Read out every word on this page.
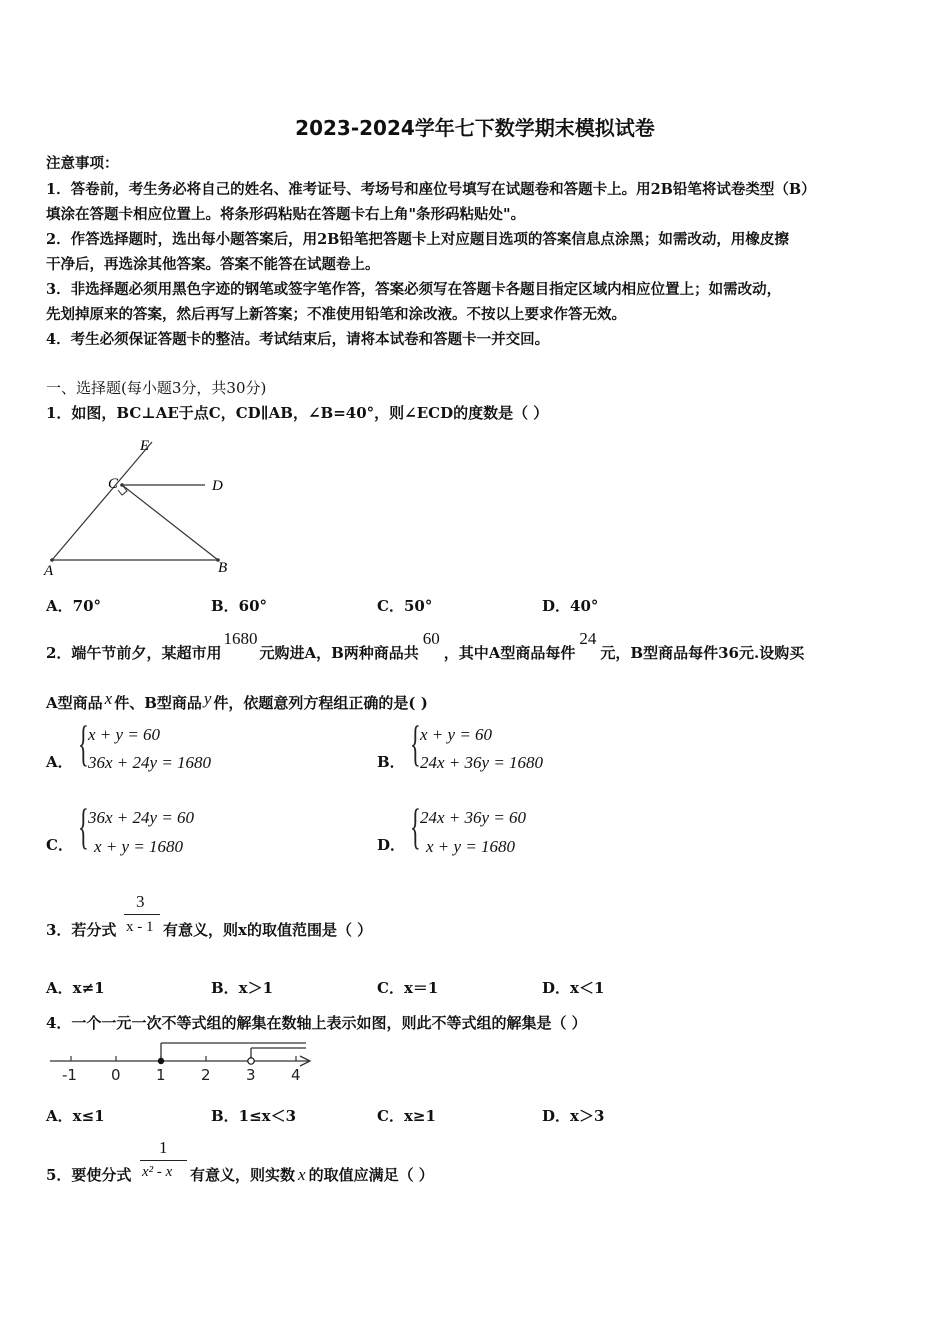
2023-2024学年七下数学期末模拟试卷
注意事项：
1．答卷前，考生务必将自己的姓名、准考证号、考场号和座位号填写在试题卷和答题卡上。用2B铅笔将试卷类型（B）
填涂在答题卡相应位置上。将条形码粘贴在答题卡右上角"条形码粘贴处"。
2．作答选择题时，选出每小题答案后，用2B铅笔把答题卡上对应题目选项的答案信息点涂黑；如需改动，用橡皮擦
干净后，再选涂其他答案。答案不能答在试题卷上。
3．非选择题必须用黑色字迹的钢笔或签字笔作答，答案必须写在答题卡各题目指定区域内相应位置上；如需改动，
先划掉原来的答案，然后再写上新答案；不准使用铅笔和涂改液。不按以上要求作答无效。
4．考生必须保证答题卡的整洁。考试结束后，请将本试卷和答题卡一并交回。
一、选择题(每小题3分，共30分)
1．如图，BC⊥AE于点C，CD∥AB，∠B=40°，则∠ECD的度数是（ ）
E
C	D
A	B
A．70°	B．60°	C．50°	D．40°
2．端午节前夕，某超市用1680元购进A，B两种商品共60，其中A型商品每件24元，B型商品每件36元.设购买
A型商品 x 件、B型商品 y 件，依题意列方程组正确的是( )
A． { x + y = 60
36x + 24y = 1680	B． { x + y = 60
24x + 36y = 1680
C． { 36x + 24y = 60
x + y = 1680	D． { 24x + 36y = 60
x + y = 1680
3．若分式
3
x - 1 有意义，则x的取值范围是（ ）
A．x≠1	B．x＞1	C．x＝1	D．x＜1
4．一个一元一次不等式组的解集在数轴上表示如图，则此不等式组的解集是（ ）
-1 0 1 2 3 4
A．x≤1	B．1≤x＜3	C．x≥1	D．x＞3
5．要使分式
1
x² - x 有意义，则实数 x 的取值应满足（ ）
